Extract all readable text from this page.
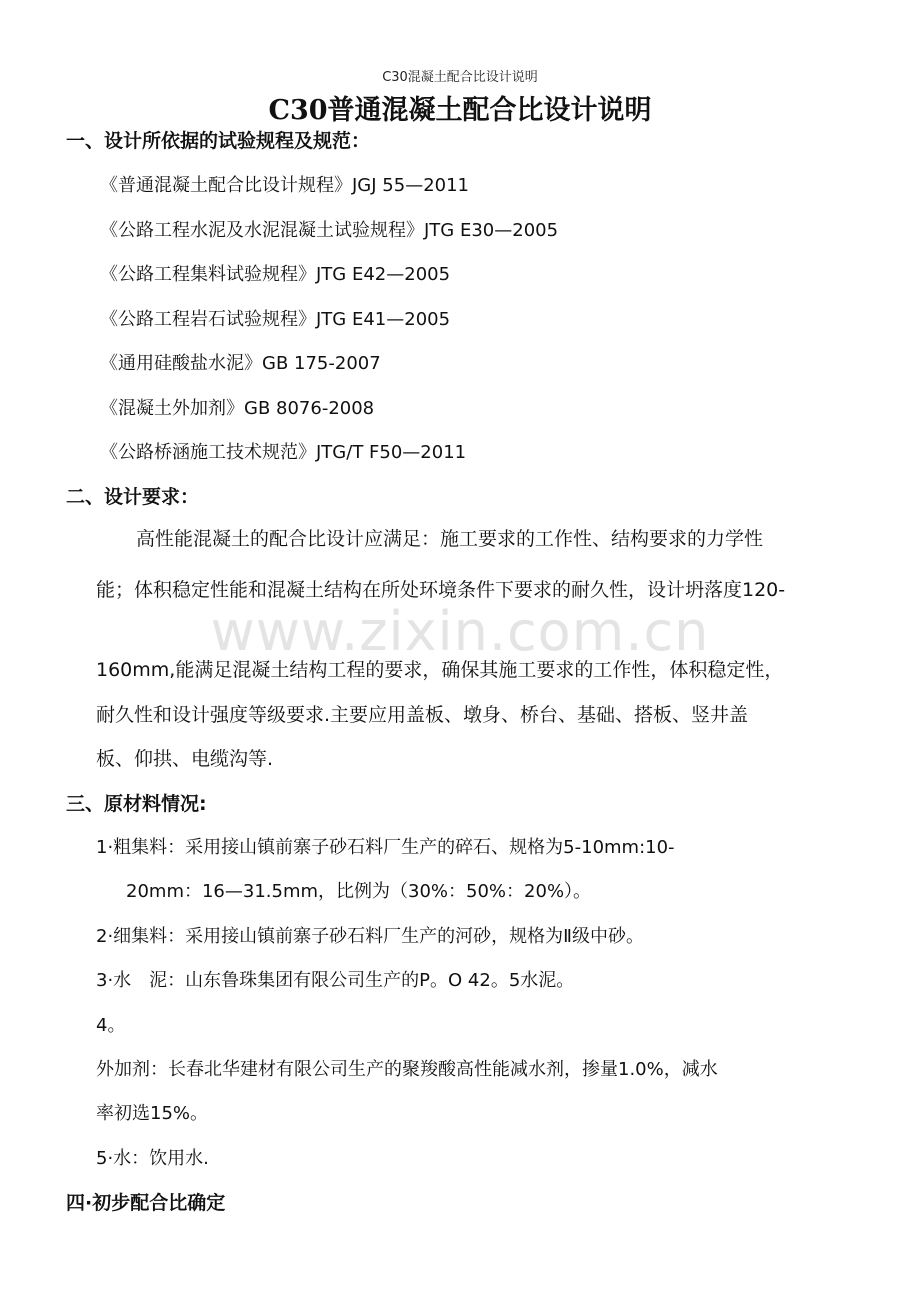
www.zixin.com.cn
C30混凝土配合比设计说明
C30普通混凝土配合比设计说明
一、设计所依据的试验规程及规范：
《普通混凝土配合比设计规程》JGJ 55—2011
《公路工程水泥及水泥混凝土试验规程》JTG E30—2005
《公路工程集料试验规程》JTG E42—2005
《公路工程岩石试验规程》JTG E41—2005
《通用硅酸盐水泥》GB 175-2007
《混凝土外加剂》GB 8076-2008
《公路桥涵施工技术规范》JTG/T F50—2011
二、设计要求：
高性能混凝土的配合比设计应满足：施工要求的工作性、结构要求的力学性
能；体积稳定性能和混凝土结构在所处环境条件下要求的耐久性，设计坍落度120-
160mm,能满足混凝土结构工程的要求，确保其施工要求的工作性，体积稳定性，
耐久性和设计强度等级要求.主要应用盖板、墩身、桥台、基础、搭板、竖井盖
板、仰拱、电缆沟等.
三、原材料情况:
1·粗集料：采用接山镇前寨子砂石料厂生产的碎石、规格为5-10mm:10-
20mm：16—31.5mm，比例为（30%：50%：20%）。
2·细集料：采用接山镇前寨子砂石料厂生产的河砂，规格为Ⅱ级中砂。
3·水　泥：山东鲁珠集团有限公司生产的P。O 42。5水泥。
4。
外加剂：长春北华建材有限公司生产的聚羧酸高性能减水剂，掺量1.0%，减水
率初选15%。
5·水：饮用水.
四·初步配合比确定
